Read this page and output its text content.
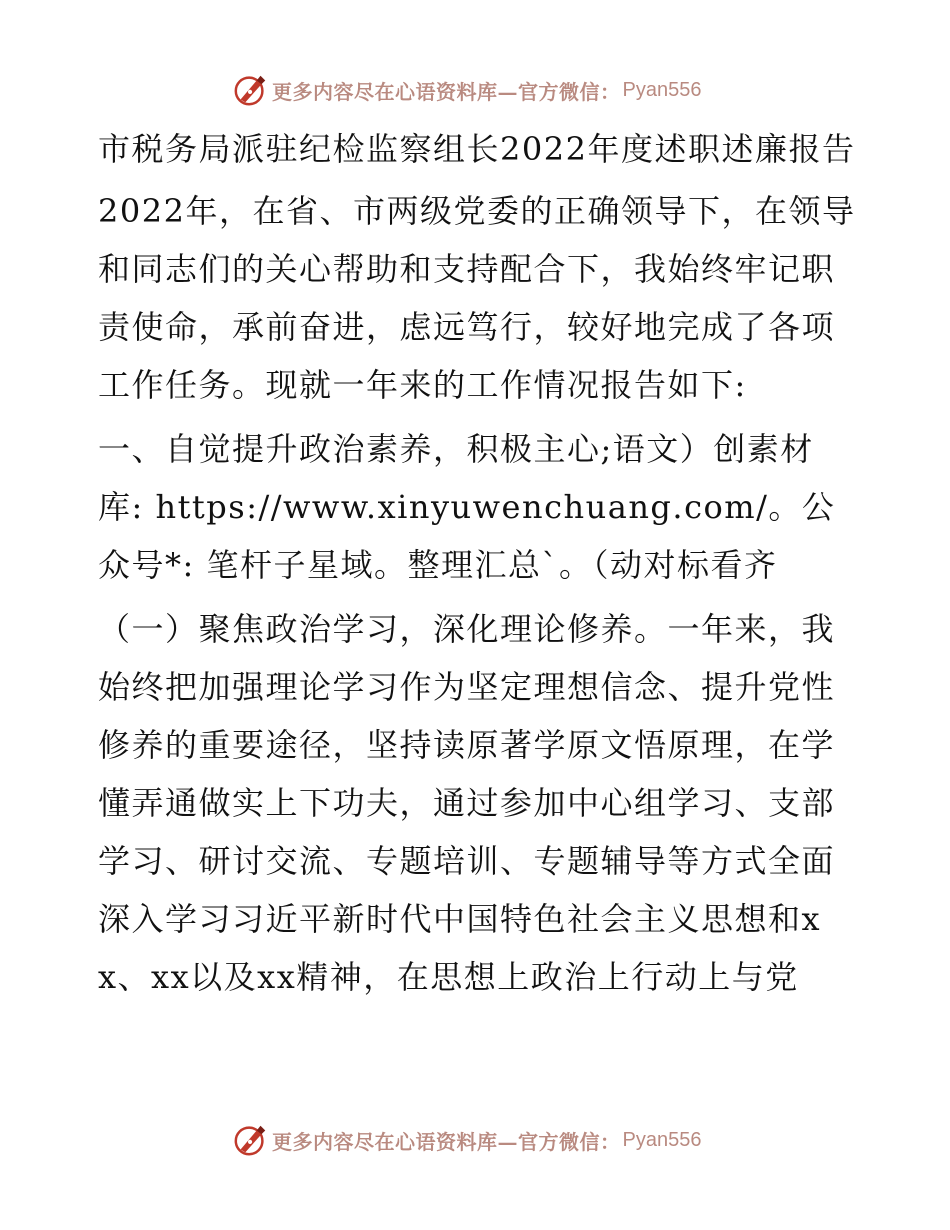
更多内容尽在心语资料库—官方微信： Pyan556

市税务局派驻纪检监察组长2022年度述职述廉报告

2022年，在省、市两级党委的正确领导下，在领导和同志们的关心帮助和支持配合下，我始终牢记职责使命，承前奋进，虑远笃行，较好地完成了各项工作任务。现就一年来的工作情况报告如下:

一、自觉提升政治素养，积极主心;语文）创素材库: https://www.xinyuwenchuang.com/。公众号*: 笔杆子星域。整理汇总`。（动对标看齐

（一）聚焦政治学习，深化理论修养。一年来，我始终把加强理论学习作为坚定理想信念、提升党性修养的重要途径，坚持读原著学原文悟原理，在学懂弄通做实上下功夫，通过参加中心组学习、支部学习、研讨交流、专题培训、专题辅导等方式全面深入学习习近平新时代中国特色社会主义思想和xx、xx以及xx精神，在思想上政治上行动上与党

更多内容尽在心语资料库—官方微信： Pyan556
